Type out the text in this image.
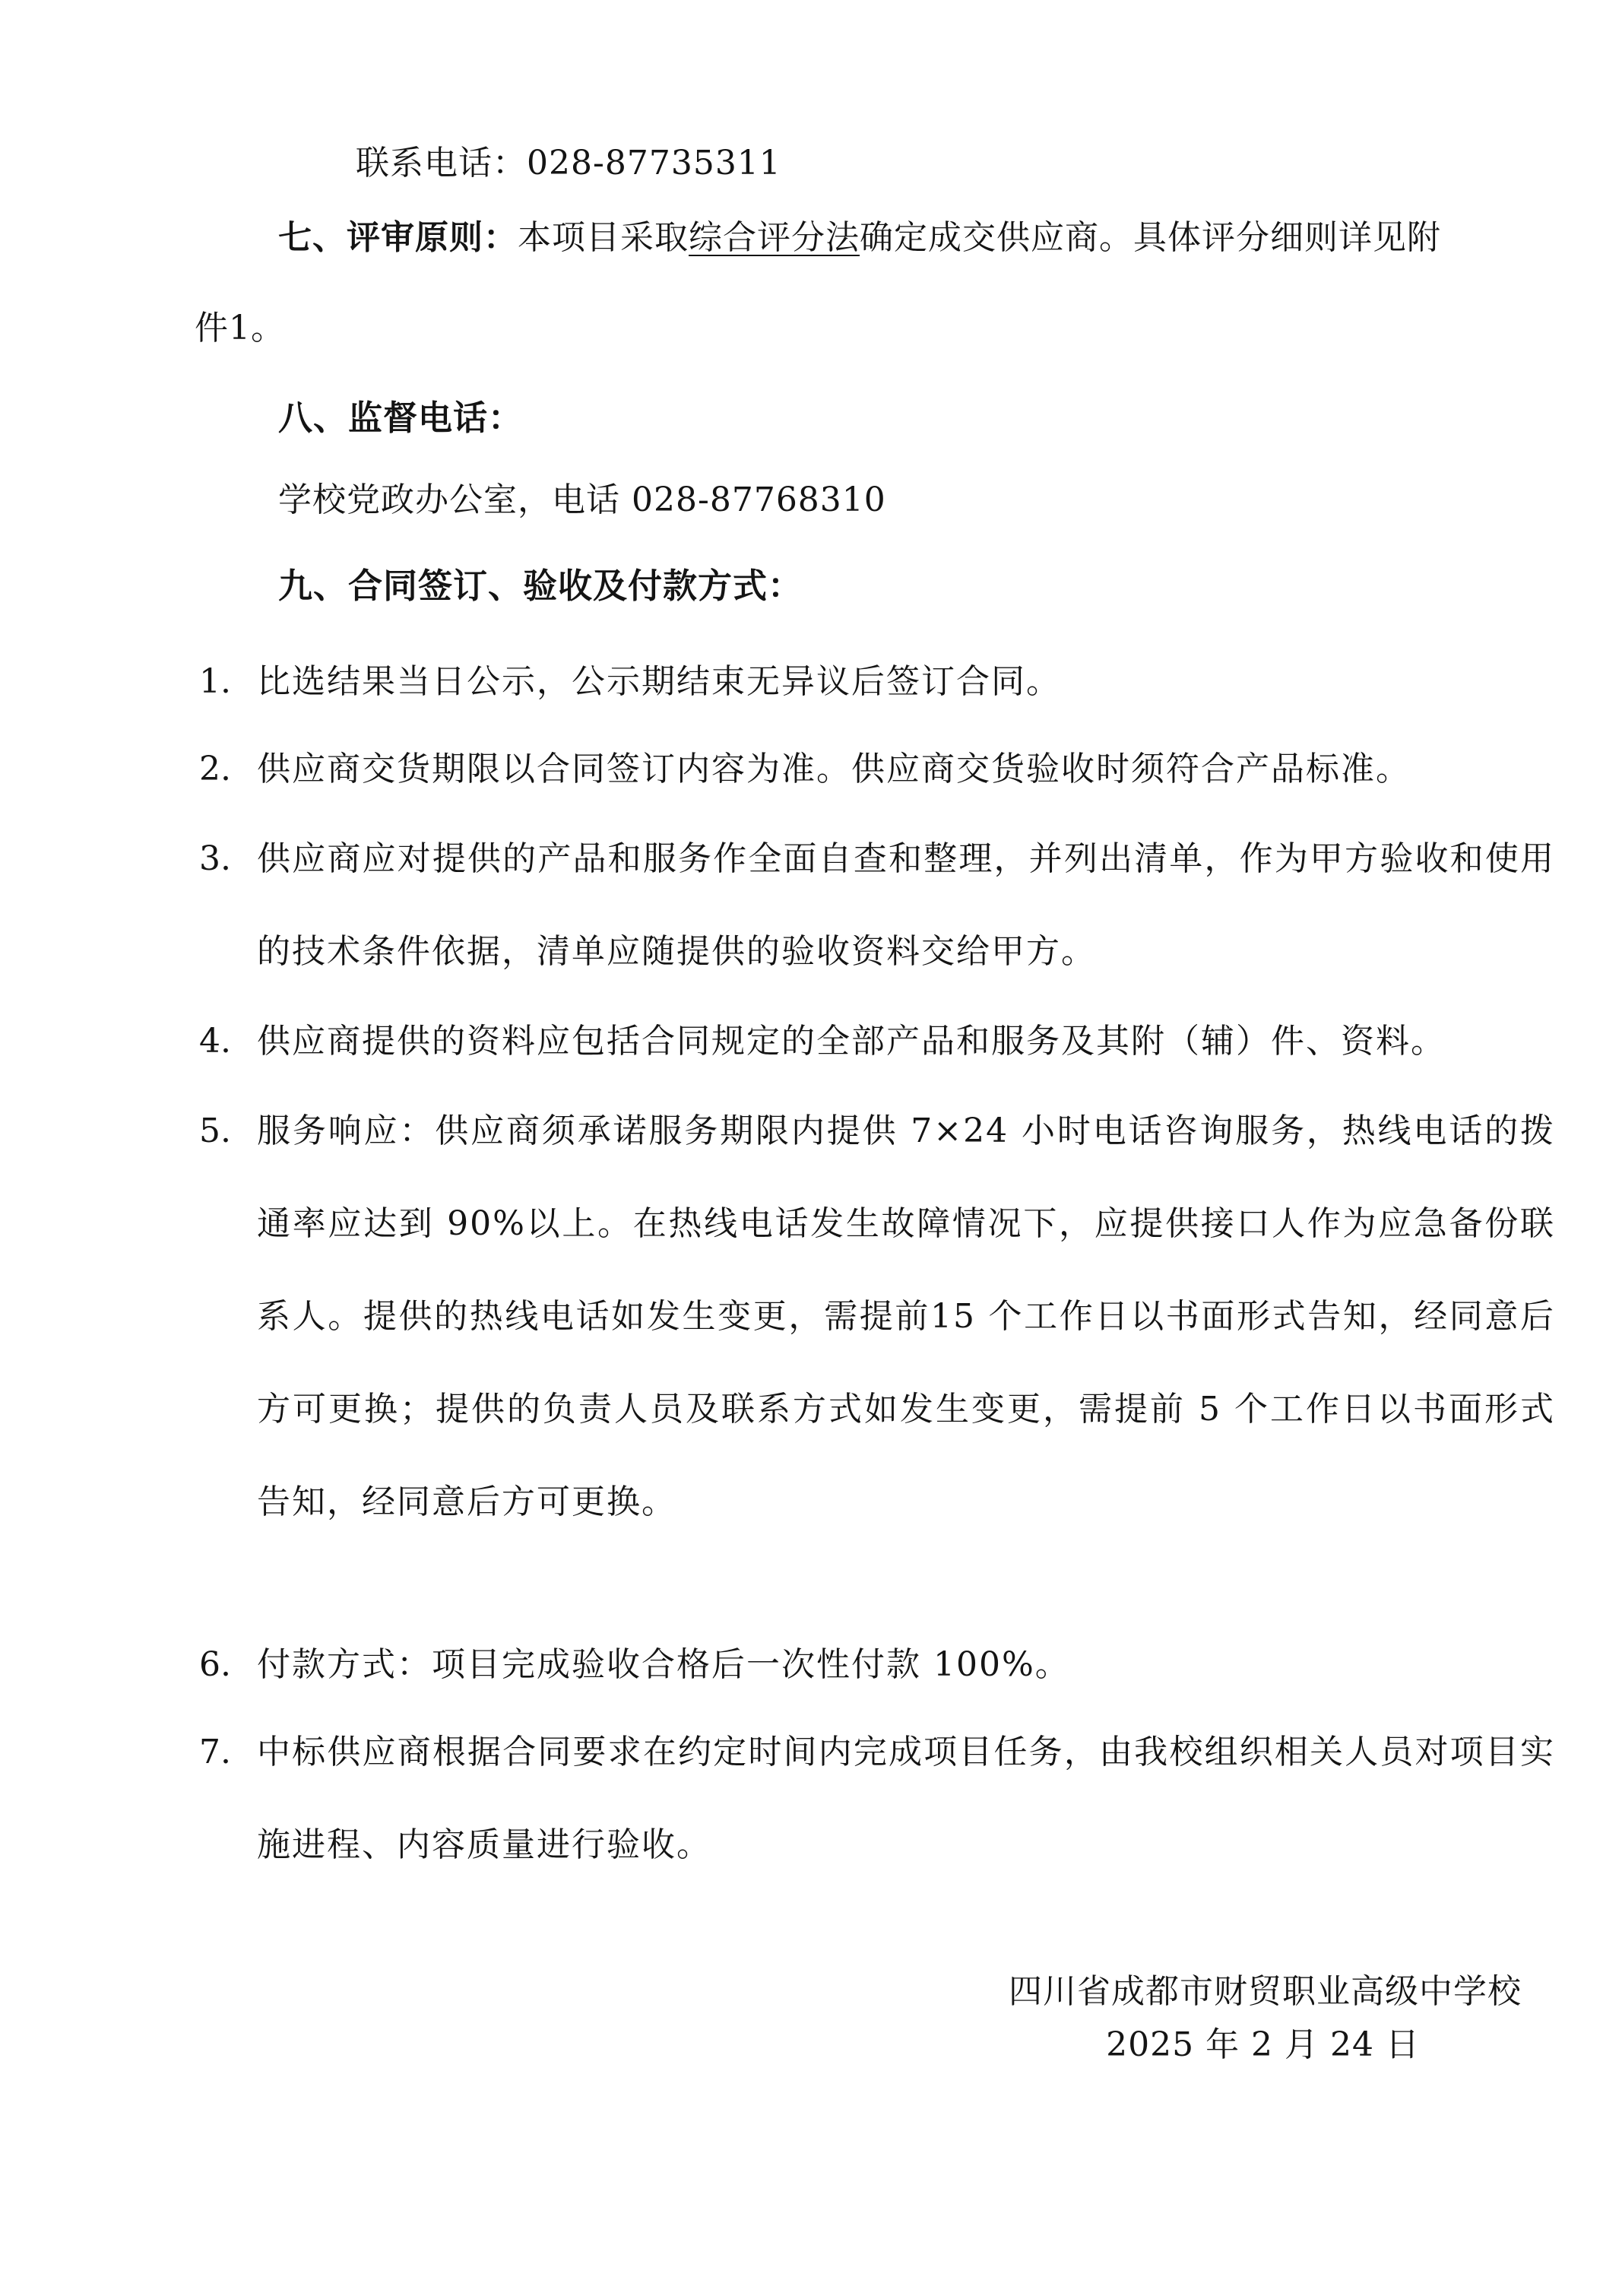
联系电话：028-87735311
七、评审原则：本项目采取综合评分法确定成交供应商。具体评分细则详见附
件1。
八、监督电话：
学校党政办公室，电话 028-87768310
九、合同签订、验收及付款方式：
1. 比选结果当日公示，公示期结束无异议后签订合同。
2. 供应商交货期限以合同签订内容为准。供应商交货验收时须符合产品标准。
3. 供应商应对提供的产品和服务作全面自查和整理，并列出清单，作为甲方验收和使用的技术条件依据，清单应随提供的验收资料交给甲方。
4. 供应商提供的资料应包括合同规定的全部产品和服务及其附（辅）件、资料。
5. 服务响应：供应商须承诺服务期限内提供 7×24 小时电话咨询服务，热线电话的拨通率应达到 90%以上。在热线电话发生故障情况下，应提供接口人作为应急备份联系人。提供的热线电话如发生变更，需提前15 个工作日以书面形式告知，经同意后方可更换；提供的负责人员及联系方式如发生变更，需提前 5 个工作日以书面形式告知，经同意后方可更换。
6. 付款方式：项目完成验收合格后一次性付款 100%。
7. 中标供应商根据合同要求在约定时间内完成项目任务，由我校组织相关人员对项目实施进程、内容质量进行验收。
四川省成都市财贸职业高级中学校
2025 年 2 月 24 日
